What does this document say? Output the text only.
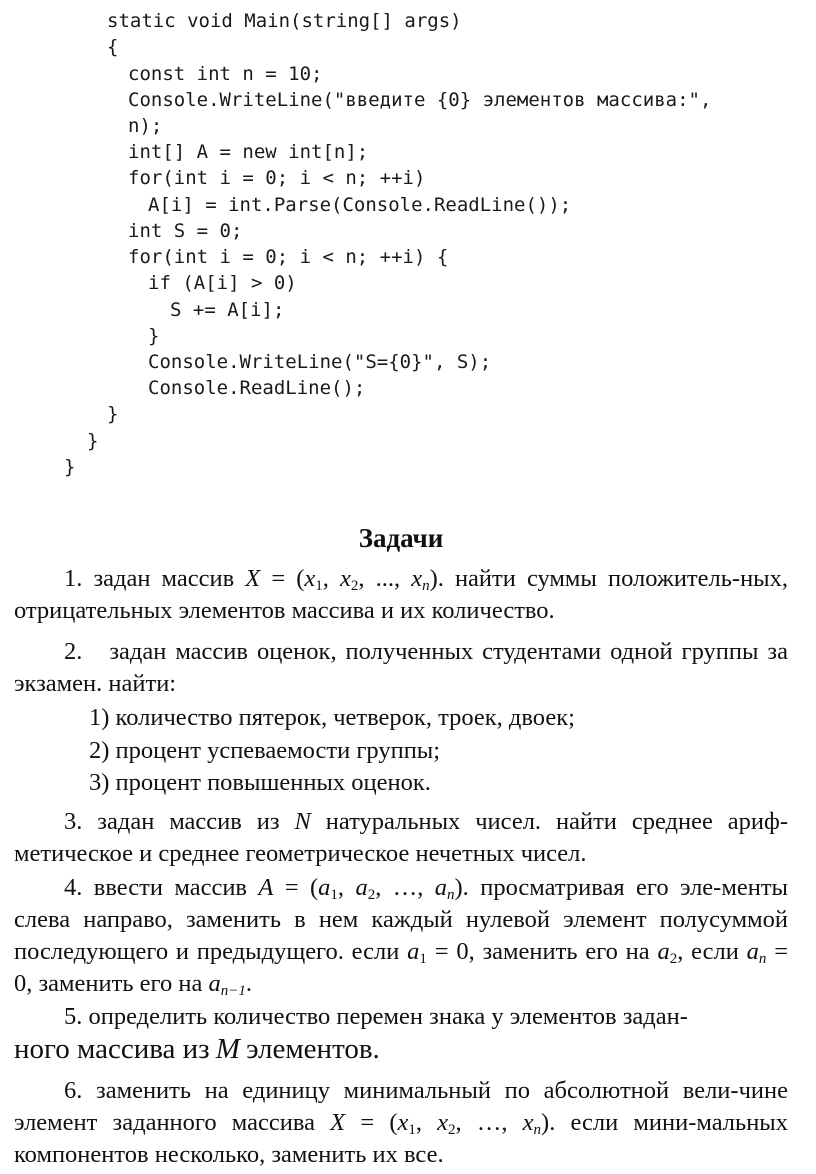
static void Main(string[] args)
{
const int n = 10;
Console.WriteLine("введите {0} элементов массива:",
n);
int[] A = new int[n];
for(int i = 0; i < n; ++i)
A[i] = int.Parse(Console.ReadLine());
int S = 0;
for(int i = 0; i < n; ++i) {
if (A[i] > 0)
S += A[i];
}
Console.WriteLine("S={0}", S);
Console.ReadLine();
}
}
}
Задачи
1. задан массив $X = (x_1$, $x_2$, ..., $x_n$). найти суммы положитель-ных, отрицательных элементов массива и их количество.
2. задан массив оценок, полученных студентами одной группы за экзамен. найти:
1) количество пятерок, четверок, троек, двоек;
2) процент успеваемости группы;
3) процент повышенных оценок.
3. задан массив из N натуральных чисел. найти среднее ариф-метическое и среднее геометрическое нечетных чисел.
4. ввести массив $A = (a_1$, $a_2$, …, $a_n$). просматривая его эле-менты слева направо, заменить в нем каждый нулевой элемент полусуммой последующего и предыдущего. если $a_1 = 0$, заменить его на $a_2$, если $a_n = 0$, заменить его на $a_{n-1}$.
5. определить количество перемен знака у элементов задан-
ного массива из M элементов.
6. заменить на единицу минимальный по абсолютной вели-чине элемент заданного массива $X = (x_1$, $x_2$, …, $x_n$). если мини-мальных компонентов несколько, заменить их все.
